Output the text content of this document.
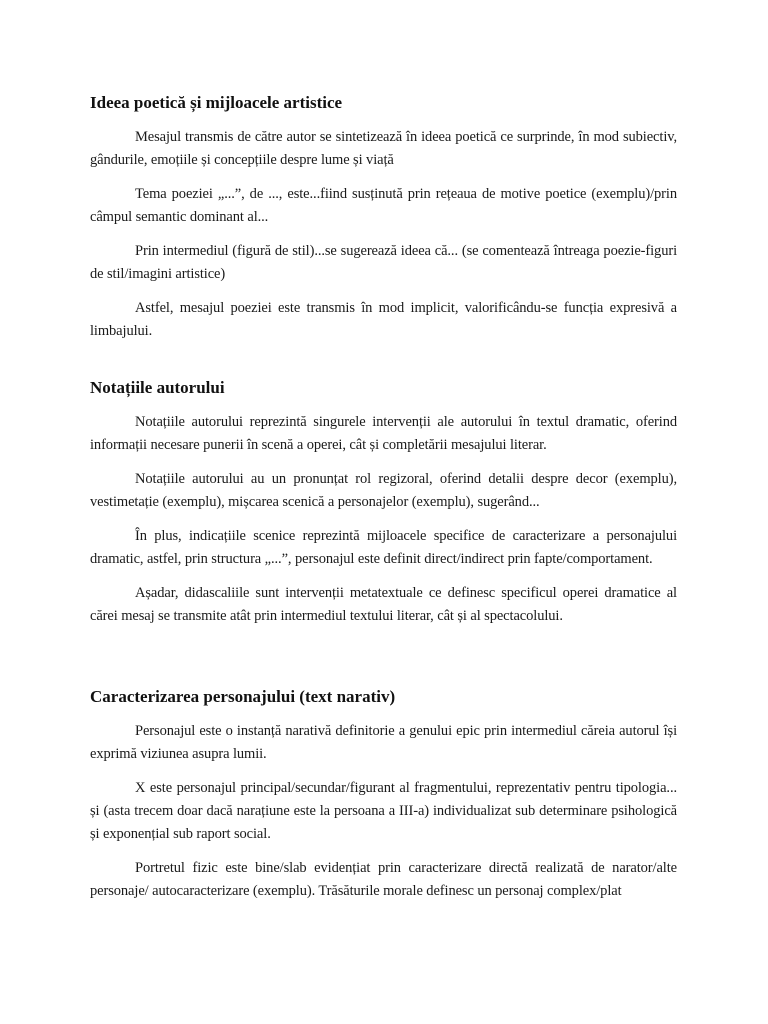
Ideea poetică și mijloacele artistice

Mesajul transmis de către autor se sintetizează în ideea poetică ce surprinde, în mod subiectiv, gândurile, emoțiile și concepțiile despre lume și viață

Tema poeziei „...”, de ..., este...fiind susținută prin rețeaua de motive poetice (exemplu)/prin câmpul semantic dominant al...

Prin intermediul (figură de stil)...se sugerează ideea că... (se comentează întreaga poezie-figuri de stil/imagini artistice)

Astfel, mesajul poeziei este transmis în mod implicit, valorificându-se funcția expresivă a limbajului.

Notațiile autorului

Notațiile autorului reprezintă singurele intervenții ale autorului în textul dramatic, oferind informații necesare punerii în scenă a operei, cât și completării mesajului literar.

Notațiile autorului au un pronunțat rol regizoral, oferind detalii despre decor (exemplu), vestimetație (exemplu), mișcarea scenică a personajelor (exemplu), sugerând...

În plus, indicațiile scenice reprezintă mijloacele specifice de caracterizare a personajului dramatic, astfel, prin structura „...”, personajul este definit direct/indirect prin fapte/comportament.

Așadar, didascaliile sunt intervenții metatextuale ce definesc specificul operei dramatice al cărei mesaj se transmite atât prin intermediul textului literar, cât și al spectacolului.

Caracterizarea personajului (text narativ)

Personajul este o instanță narativă definitorie a genului epic prin intermediul căreia autorul își exprimă viziunea asupra lumii.

X este personajul principal/secundar/figurant al fragmentului, reprezentativ pentru tipologia... și (asta trecem doar dacă narațiune este la persoana a III-a) individualizat sub determinare psihologică și exponențial sub raport social.

Portretul fizic este bine/slab evidențiat prin caracterizare directă realizată de narator/alte personaje/ autocaracterizare (exemplu). Trăsăturile morale definesc un personaj complex/plat
